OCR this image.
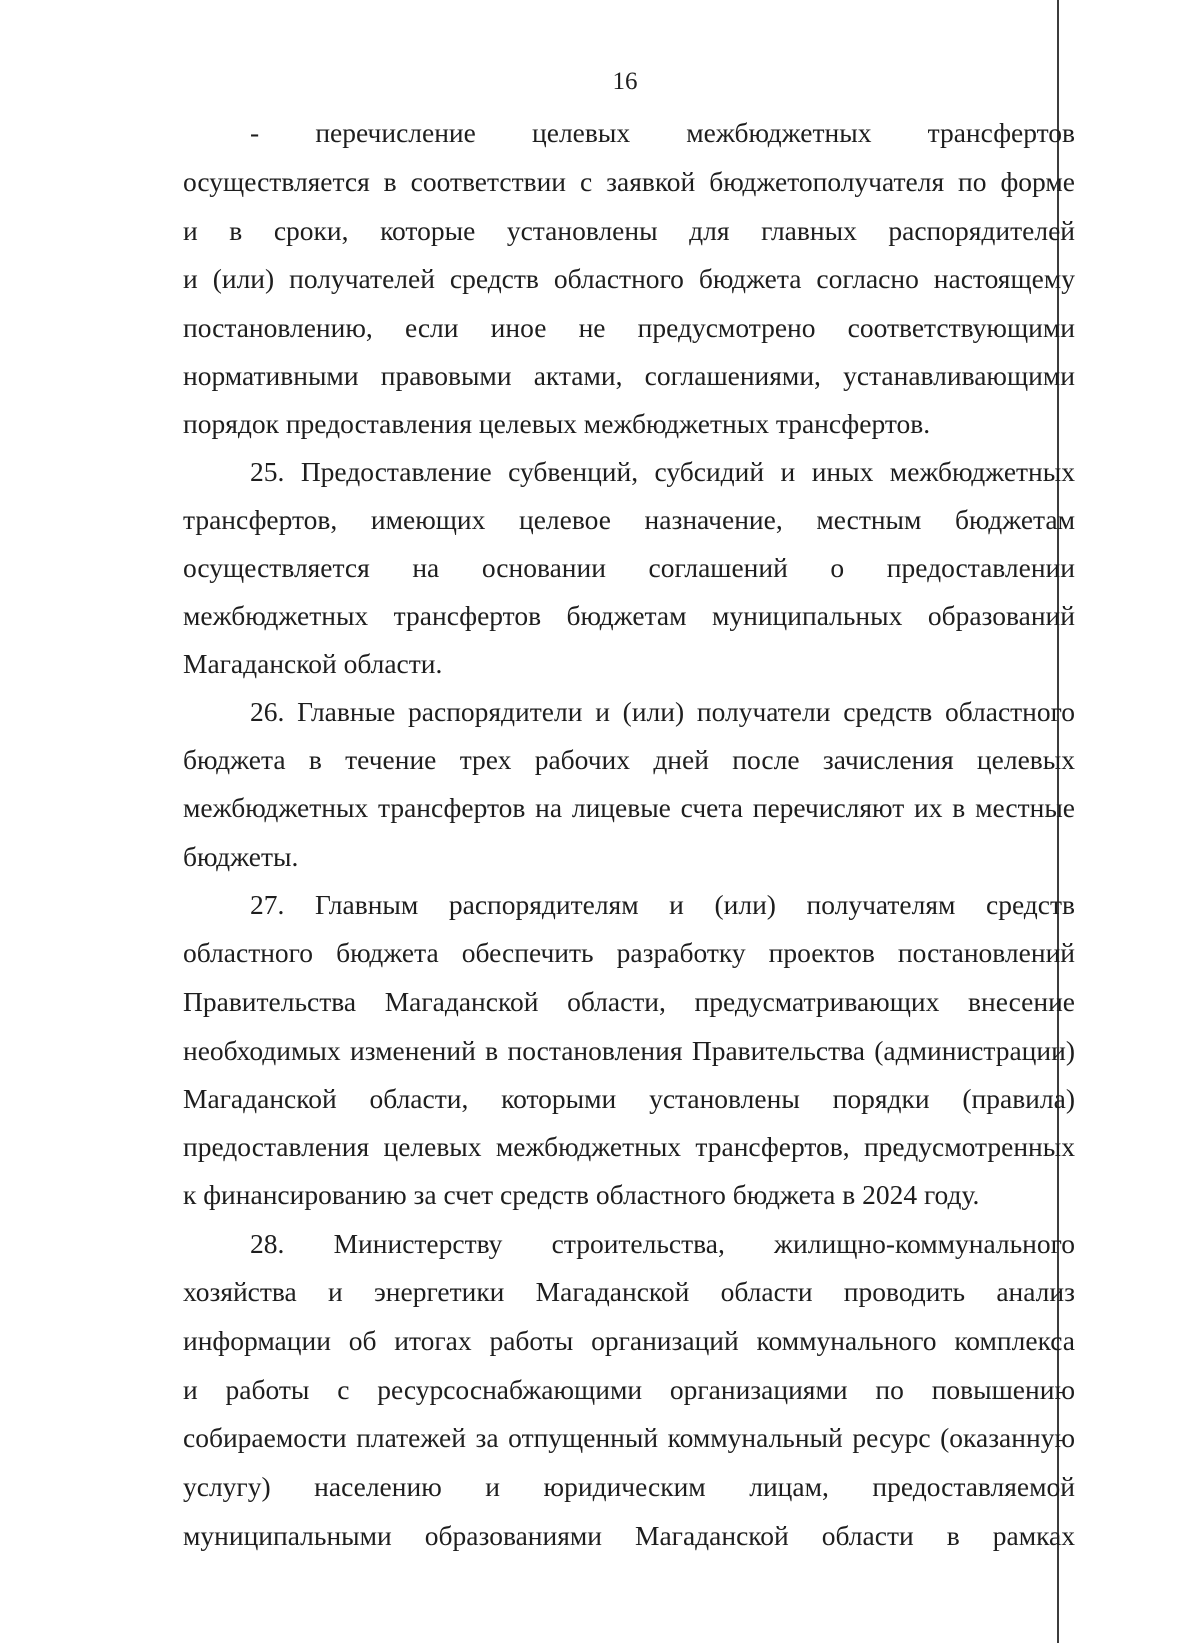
16
- перечисление целевых межбюджетных трансфертов
осуществляется в соответствии с заявкой бюджетополучателя по форме
и в сроки, которые установлены для главных распорядителей
и (или) получателей средств областного бюджета согласно настоящему
постановлению, если иное не предусмотрено соответствующими
нормативными правовыми актами, соглашениями, устанавливающими
порядок предоставления целевых межбюджетных трансфертов.
25. Предоставление субвенций, субсидий и иных межбюджетных
трансфертов, имеющих целевое назначение, местным бюджетам
осуществляется на основании соглашений о предоставлении
межбюджетных трансфертов бюджетам муниципальных образований
Магаданской области.
26. Главные распорядители и (или) получатели средств областного
бюджета в течение трех рабочих дней после зачисления целевых
межбюджетных трансфертов на лицевые счета перечисляют их в местные
бюджеты.
27. Главным распорядителям и (или) получателям средств
областного бюджета обеспечить разработку проектов постановлений
Правительства Магаданской области, предусматривающих внесение
необходимых изменений в постановления Правительства (администрации)
Магаданской области, которыми установлены порядки (правила)
предоставления целевых межбюджетных трансфертов, предусмотренных
к финансированию за счет средств областного бюджета в 2024 году.
28. Министерству строительства, жилищно-коммунального
хозяйства и энергетики Магаданской области проводить анализ
информации об итогах работы организаций коммунального комплекса
и работы с ресурсоснабжающими организациями по повышению
собираемости платежей за отпущенный коммунальный ресурс (оказанную
услугу) населению и юридическим лицам, предоставляемой
муниципальными образованиями Магаданской области в рамках
